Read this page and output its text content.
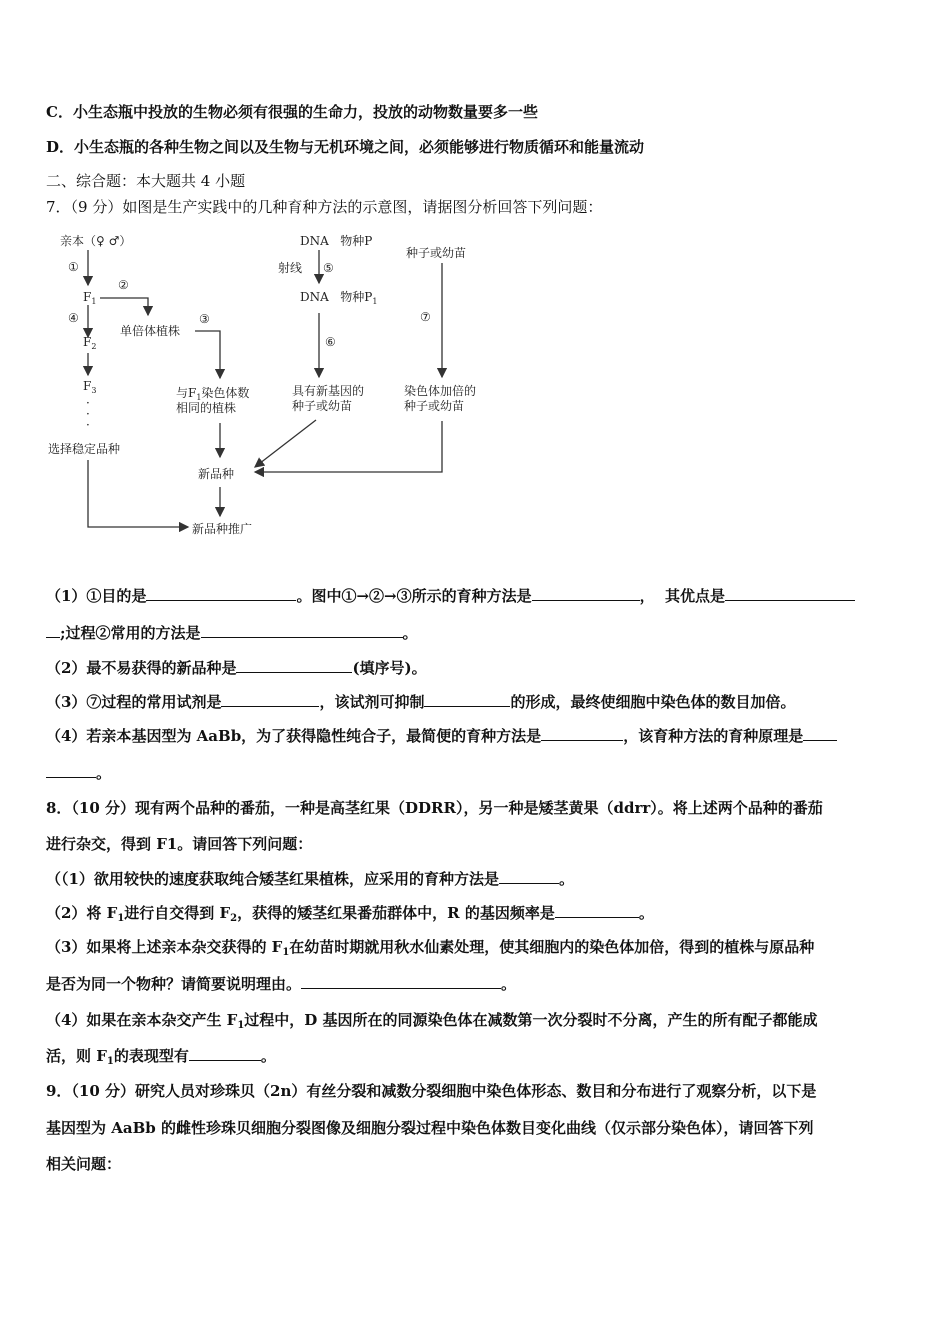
C．小生态瓶中投放的生物必须有很强的生命力，投放的动物数量要多一些
D．小生态瓶的各种生物之间以及生物与无机环境之间，必须能够进行物质循环和能量流动
二、综合题：本大题共 4 小题
7．（9 分）如图是生产实践中的几种育种方法的示意图，请据图分析回答下列问题：
亲本（♀ ♂）
①
$F_1$
②
④
单倍体植株
③
$F_2$
$F_3$
·
·
·
选择稳定品种
与$F_1$染色体数
相同的植株
新品种
新品种推广
DNA   物种P
射线 ⑤
DNA   物种$P_1$
⑥
具有新基因的
种子或幼苗
种子或幼苗
⑦
染色体加倍的
种子或幼苗
（1）①目的是	。图中①→②→③所示的育种方法是	，  其优点是
;过程②常用的方法是	。
（2）最不易获得的新品种是	(填序号)。
（3）⑦过程的常用试剂是	，该试剂可抑制	的形成，最终使细胞中染色体的数目加倍。
（4）若亲本基因型为 AaBb，为了获得隐性纯合子，最简便的育种方法是	，该育种方法的育种原理是
。
8．（10 分）现有两个品种的番茄，一种是高茎红果（DDRR），另一种是矮茎黄果（ddrr）。将上述两个品种的番茄
进行杂交，得到 F1。请回答下列问题：
（（1）欲用较快的速度获取纯合矮茎红果植株，应采用的育种方法是	。
（2）将 $F_1$进行自交得到 $F_2$，获得的矮茎红果番茄群体中，R 的基因频率是	。
（3）如果将上述亲本杂交获得的 $F_1$在幼苗时期就用秋水仙素处理，使其细胞内的染色体加倍，得到的植株与原品种
是否为同一个物种？请简要说明理由。	。
（4）如果在亲本杂交产生 $F_1$过程中，D 基因所在的同源染色体在减数第一次分裂时不分离，产生的所有配子都能成
活，则 $F_1$的表现型有	。
9．（10 分）研究人员对珍珠贝（2n）有丝分裂和减数分裂细胞中染色体形态、数目和分布进行了观察分析，以下是
基因型为 AaBb 的雌性珍珠贝细胞分裂图像及细胞分裂过程中染色体数目变化曲线（仅示部分染色体），请回答下列
相关问题：
